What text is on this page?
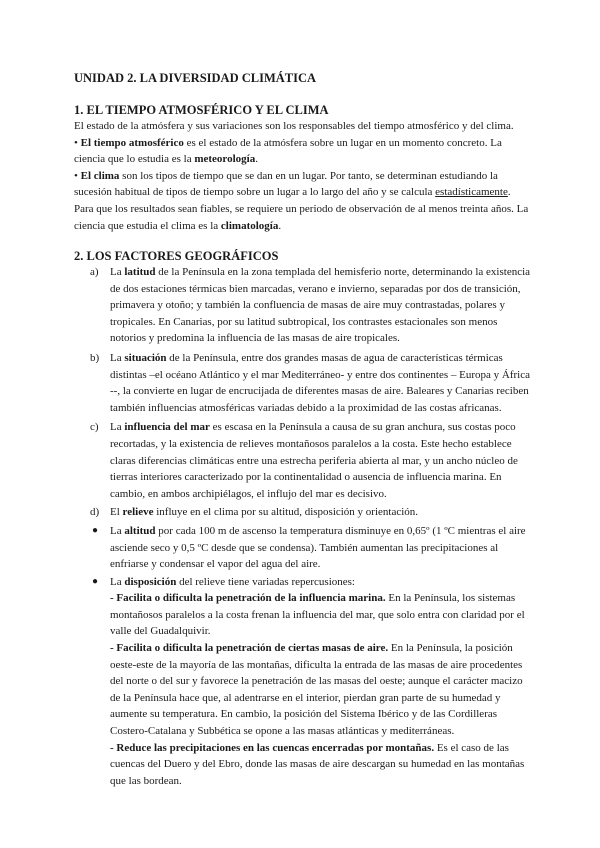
UNIDAD 2. LA DIVERSIDAD CLIMÁTICA
1. EL TIEMPO ATMOSFÉRICO Y EL CLIMA

El estado de la atmósfera y sus variaciones son los responsables del tiempo atmosférico y del clima.

• El tiempo atmosférico es el estado de la atmósfera sobre un lugar en un momento concreto. La ciencia que lo estudia es la meteorología.

• El clima son los tipos de tiempo que se dan en un lugar. Por tanto, se determinan estudiando la sucesión habitual de tipos de tiempo sobre un lugar a lo largo del año y se calcula estadísticamente. Para que los resultados sean fiables, se requiere un periodo de observación de al menos treinta años. La ciencia que estudia el clima es la climatología.

2. LOS FACTORES GEOGRÁFICOS

a) La latitud de la Península en la zona templada del hemisferio norte, determinando la existencia de dos estaciones térmicas bien marcadas, verano e invierno, separadas por dos de transición, primavera y otoño; y también la confluencia de masas de aire muy contrastadas, polares y tropicales. En Canarias, por su latitud subtropical, los contrastes estacionales son menos notorios y predomina la influencia de las masas de aire tropicales.

b) La situación de la Península, entre dos grandes masas de agua de características térmicas distintas –el océano Atlántico y el mar Mediterráneo- y entre dos continentes – Europa y África --, la convierte en lugar de encrucijada de diferentes masas de aire. Baleares y Canarias reciben también influencias atmosféricas variadas debido a la proximidad de las costas africanas.

c) La influencia del mar es escasa en la Península a causa de su gran anchura, sus costas poco recortadas, y la existencia de relieves montañosos paralelos a la costa. Este hecho establece claras diferencias climáticas entre una estrecha periferia abierta al mar, y un ancho núcleo de tierras interiores caracterizado por la continentalidad o ausencia de influencia marina. En cambio, en ambos archipiélagos, el influjo del mar es decisivo.

d) El relieve influye en el clima por su altitud, disposición y orientación.

● La altitud por cada 100 m de ascenso la temperatura disminuye en 0,65º (1 ºC mientras el aire asciende seco y 0,5 ºC desde que se condensa). También aumentan las precipitaciones al enfriarse y condensar el vapor del agua del aire.

● La disposición del relieve tiene variadas repercusiones:
- Facilita o dificulta la penetración de la influencia marina. En la Península, los sistemas montañosos paralelos a la costa frenan la influencia del mar, que solo entra con claridad por el valle del Guadalquivir.
- Facilita o dificulta la penetración de ciertas masas de aire. En la Península, la posición oeste-este de la mayoría de las montañas, dificulta la entrada de las masas de aire procedentes del norte o del sur y favorece la penetración de las masas del oeste; aunque el carácter macizo de la Península hace que, al adentrarse en el interior, pierdan gran parte de su humedad y aumente su temperatura. En cambio, la posición del Sistema Ibérico y de las Cordilleras Costero-Catalana y Subbética se opone a las masas atlánticas y mediterráneas.
- Reduce las precipitaciones en las cuencas encerradas por montañas. Es el caso de las cuencas del Duero y del Ebro, donde las masas de aire descargan su humedad en las montañas que las bordean.
